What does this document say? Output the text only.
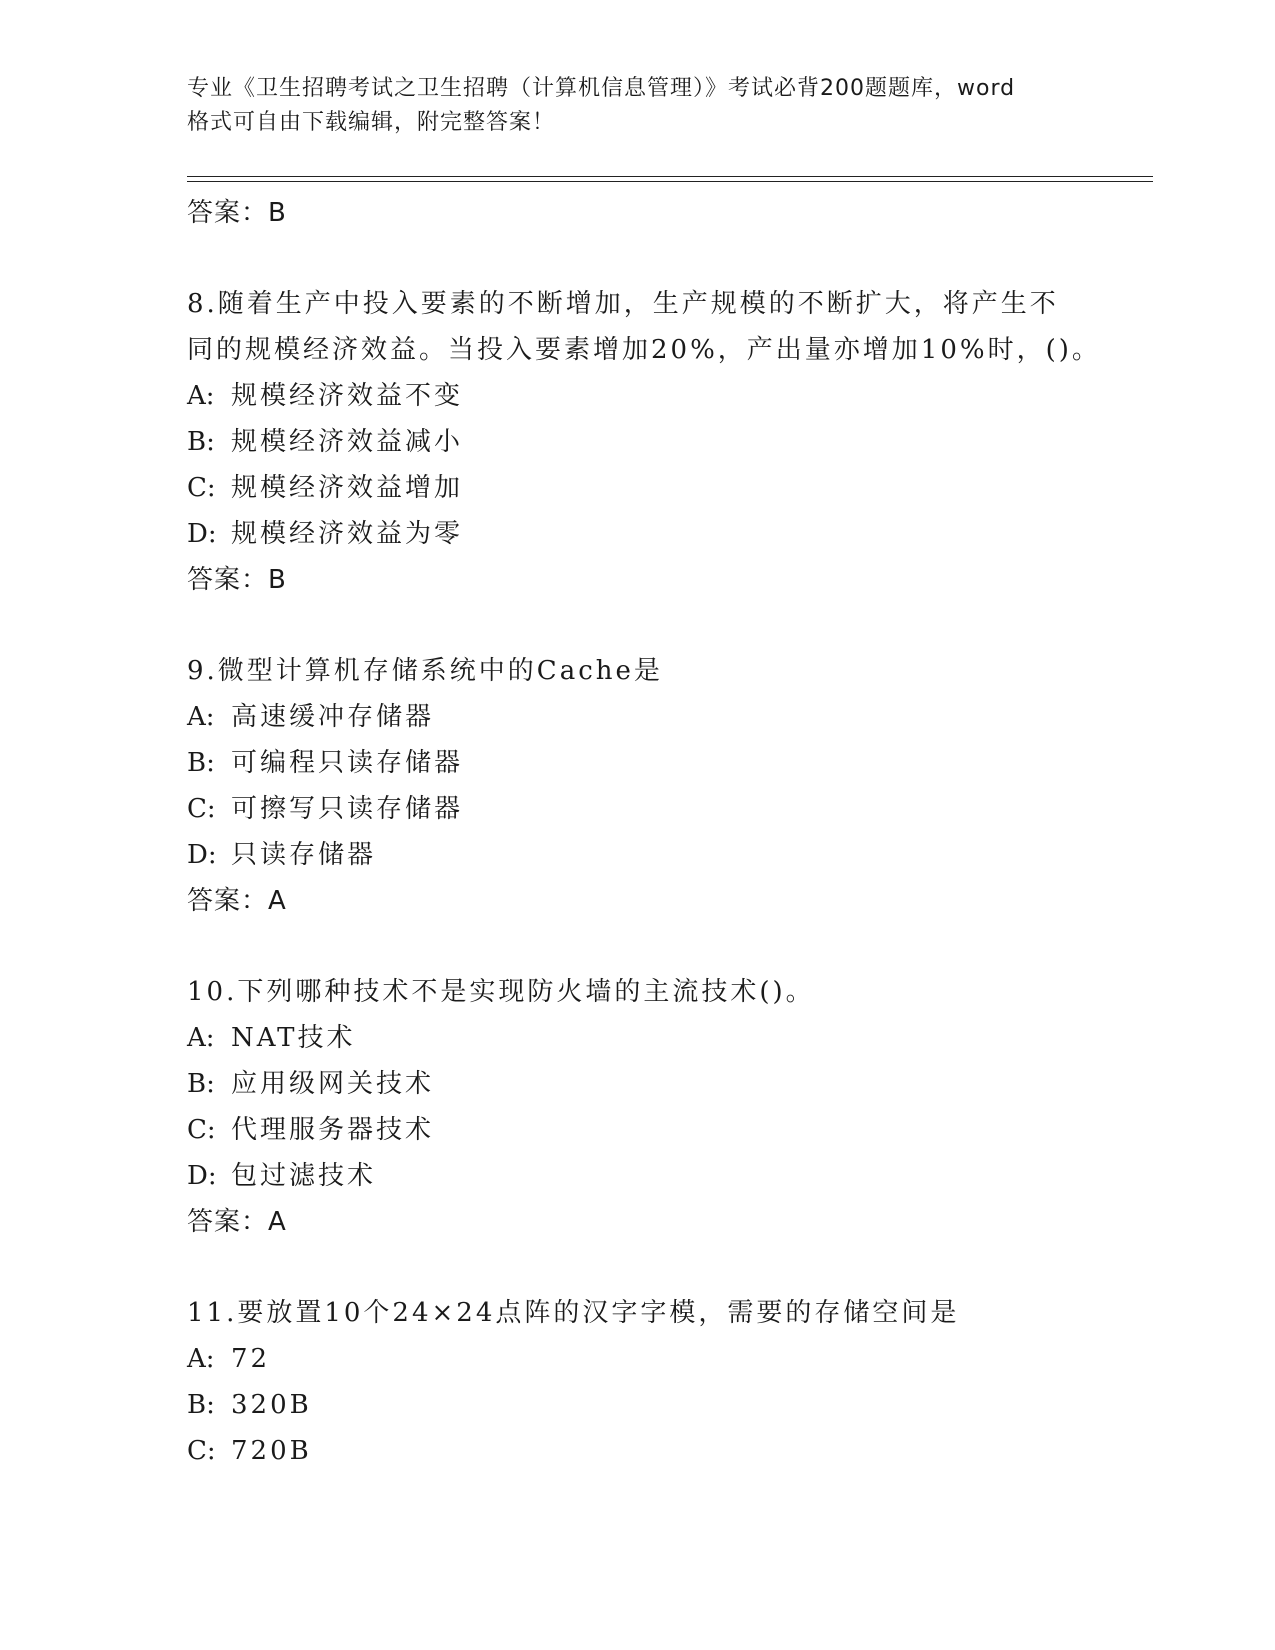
专业《卫生招聘考试之卫生招聘（计算机信息管理）》考试必背200题题库，word
格式可自由下载编辑，附完整答案！
答案：B
8.随着生产中投入要素的不断增加，生产规模的不断扩大，将产生不
同的规模经济效益。当投入要素增加20%，产出量亦增加10%时，()。
A: 规模经济效益不变
B: 规模经济效益减小
C: 规模经济效益增加
D: 规模经济效益为零
答案：B
9.微型计算机存储系统中的Cache是
A: 高速缓冲存储器
B: 可编程只读存储器
C: 可擦写只读存储器
D: 只读存储器
答案：A
10.下列哪种技术不是实现防火墙的主流技术()。
A: NAT技术
B: 应用级网关技术
C: 代理服务器技术
D: 包过滤技术
答案：A
11.要放置10个24×24点阵的汉字字模，需要的存储空间是
A: 72
B: 320B
C: 720B
